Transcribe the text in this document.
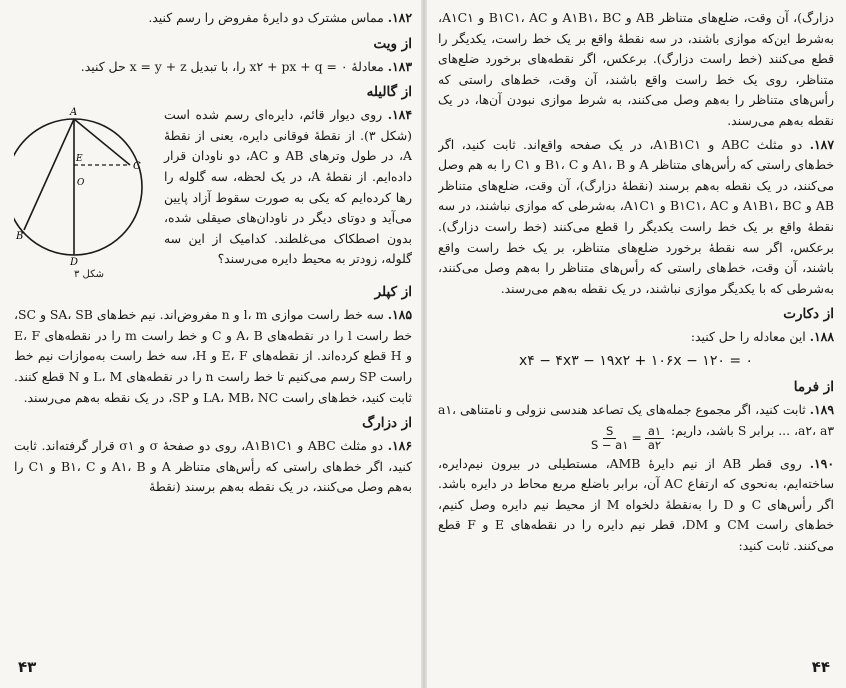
۱۸۲. مماس مشترک دو دایرهٔ مفروض را رسم کنید.

از ویت

۱۸۳. معادلهٔ ۰ = x۲ + px + q را، با تبدیل x = y + z حل کنید.

از گالیله
A
B
C
D
E
O
شکل ۳

۱۸۴. روی دیوار قائم، دایره‌ای رسم شده است (شکل ۳). از نقطهٔ فوقانی دایره، یعنی از نقطهٔ A، در طول وترهای AB و AC، دو ناودان قرار داده‌ایم. از نقطهٔ A، در یک لحظه، سه گلوله را رها کرده‌ایم که یکی به صورت سقوط آزاد پایین می‌آید و دوتای دیگر در ناودان‌های صیقلی شده، بدون اصطکاک می‌غلطند. کدامیک از این سه گلوله، زودتر به محیط دایره می‌رسند؟

از کپلر

۱۸۵. سه خط راست موازی l، m و n مفروض‌اند. نیم خط‌های SA، SB و SC، خط راست l را در نقطه‌های A، B و C و خط راست m را در نقطه‌های E، F و H قطع کرده‌اند. از نقطه‌های E، F و H، سه خط راست به‌موازات نیم خط راست SP رسم می‌کنیم تا خط راست n را در نقطه‌های L، M و N قطع کنند. ثابت کنید، خط‌های راست LA، MB، NC و SP، در یک نقطه به‌هم می‌رسند.

از دزارگ

۱۸۶. دو مثلث ABC و A۱B۱C۱، روی دو صفحهٔ σ و σ۱ قرار گرفته‌اند. ثابت کنید، اگر خط‌های راستی که رأس‌های متناظر A و A۱، B و B۱، C و C۱ را به‌هم وصل می‌کنند، در یک نقطه به‌هم برسند (نقطهٔ

۴۳

دزارگ)، آن وقت، ضلع‌های متناظر AB و A۱B۱، BC و B۱C۱، AC و A۱C۱، به‌شرط این‌که موازی باشند، در سه نقطهٔ واقع بر یک خط راست، یکدیگر را قطع می‌کنند (خط راست دزارگ). برعکس، اگر نقطه‌های برخورد ضلع‌های متناظر، روی یک خط راست واقع باشند، آن وقت، خط‌های راستی که رأس‌های متناظر را به‌هم وصل می‌کنند، به شرط موازی نبودن آن‌ها، در یک نقطه به‌هم می‌رسند.

۱۸۷. دو مثلث ABC و A۱B۱C۱، در یک صفحه واقع‌اند. ثابت کنید، اگر خط‌های راستی که رأس‌های متناظر A و A۱، B و B۱، C و C۱ را به هم وصل می‌کنند، در یک نقطه به‌هم برسند (نقطهٔ دزارگ)، آن وقت، ضلع‌های متناظر AB و A۱B۱، BC و B۱C۱، AC و A۱C۱، به‌شرطی که موازی نباشند، در سه نقطهٔ واقع بر یک خط راست یکدیگر را قطع می‌کنند (خط راست دزارگ). برعکس، اگر سه نقطهٔ برخورد ضلع‌های متناظر، بر یک خط راست واقع باشند، آن وقت، خط‌های راستی که رأس‌های متناظر را به‌هم وصل می‌کنند، به‌شرطی که با یکدیگر موازی نباشند، در یک نقطه به‌هم می‌رسند.

از دکارت

۱۸۸. این معادله را حل کنید:

x۴ − ۴x۳ − ۱۹x۲ + ۱۰۶x − ۱۲۰ = ۰
از فرما

۱۸۹. ثابت کنید، اگر مجموع جمله‌های یک تصاعد هندسی نزولی و نامتناهی a۱، a۲، a۳، ... برابر S باشد، داریم:
$\frac{S}{S - a۱} = \frac{a۱}{a۲}$

۱۹۰. روی قطر AB از نیم دایرهٔ AMB، مستطیلی در بیرون نیم‌دایره، ساخته‌ایم، به‌نحوی که ارتفاع AC آن، برابر باضلع مربع محاط در دایره باشد. اگر رأس‌های C و D را به‌نقطهٔ دلخواه M از محیط نیم دایره وصل کنیم، خط‌های راست CM و DM، قطر نیم دایره را در نقطه‌های E و F قطع می‌کنند. ثابت کنید:

۴۴
